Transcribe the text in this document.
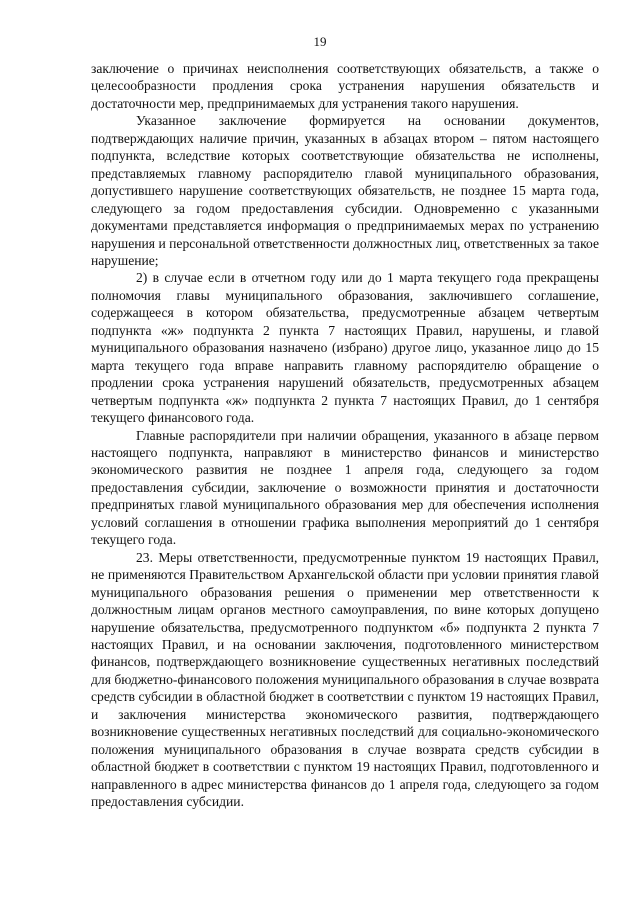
19

заключение о причинах неисполнения соответствующих обязательств, а также о целесообразности продления срока устранения нарушения обязательств и достаточности мер, предпринимаемых для устранения такого нарушения.

Указанное заключение формируется на основании документов, подтверждающих наличие причин, указанных в абзацах втором – пятом настоящего подпункта, вследствие которых соответствующие обязательства не исполнены, представляемых главному распорядителю главой муниципального образования, допустившего нарушение соответствующих обязательств, не позднее 15 марта года, следующего за годом предоставления субсидии. Одновременно с указанными документами представляется информация о предпринимаемых мерах по устранению нарушения и персональной ответственности должностных лиц, ответственных за такое нарушение;

2) в случае если в отчетном году или до 1 марта текущего года прекращены полномочия главы муниципального образования, заключившего соглашение, содержащееся в котором обязательства, предусмотренные абзацем четвертым подпункта «ж» подпункта 2 пункта 7 настоящих Правил, нарушены, и главой муниципального образования назначено (избрано) другое лицо, указанное лицо до 15 марта текущего года вправе направить главному распорядителю обращение о продлении срока устранения нарушений обязательств, предусмотренных абзацем четвертым подпункта «ж» подпункта 2 пункта 7 настоящих Правил, до 1 сентября текущего финансового года.

Главные распорядители при наличии обращения, указанного в абзаце первом настоящего подпункта, направляют в министерство финансов и министерство экономического развития не позднее 1 апреля года, следующего за годом предоставления субсидии, заключение о возможности принятия и достаточности предпринятых главой муниципального образования мер для обеспечения исполнения условий соглашения в отношении графика выполнения мероприятий до 1 сентября текущего года.

23. Меры ответственности, предусмотренные пунктом 19 настоящих Правил, не применяются Правительством Архангельской области при условии принятия главой муниципального образования решения о применении мер ответственности к должностным лицам органов местного самоуправления, по вине которых допущено нарушение обязательства, предусмотренного подпунктом «б» подпункта 2 пункта 7 настоящих Правил, и на основании заключения, подготовленного министерством финансов, подтверждающего возникновение существенных негативных последствий для бюджетно-финансового положения муниципального образования в случае возврата средств субсидии в областной бюджет в соответствии с пунктом 19 настоящих Правил, и заключения министерства экономического развития, подтверждающего возникновение существенных негативных последствий для социально-экономического положения муниципального образования в случае возврата средств субсидии в областной бюджет в соответствии с пунктом 19 настоящих Правил, подготовленного и направленного в адрес министерства финансов до 1 апреля года, следующего за годом предоставления субсидии.
